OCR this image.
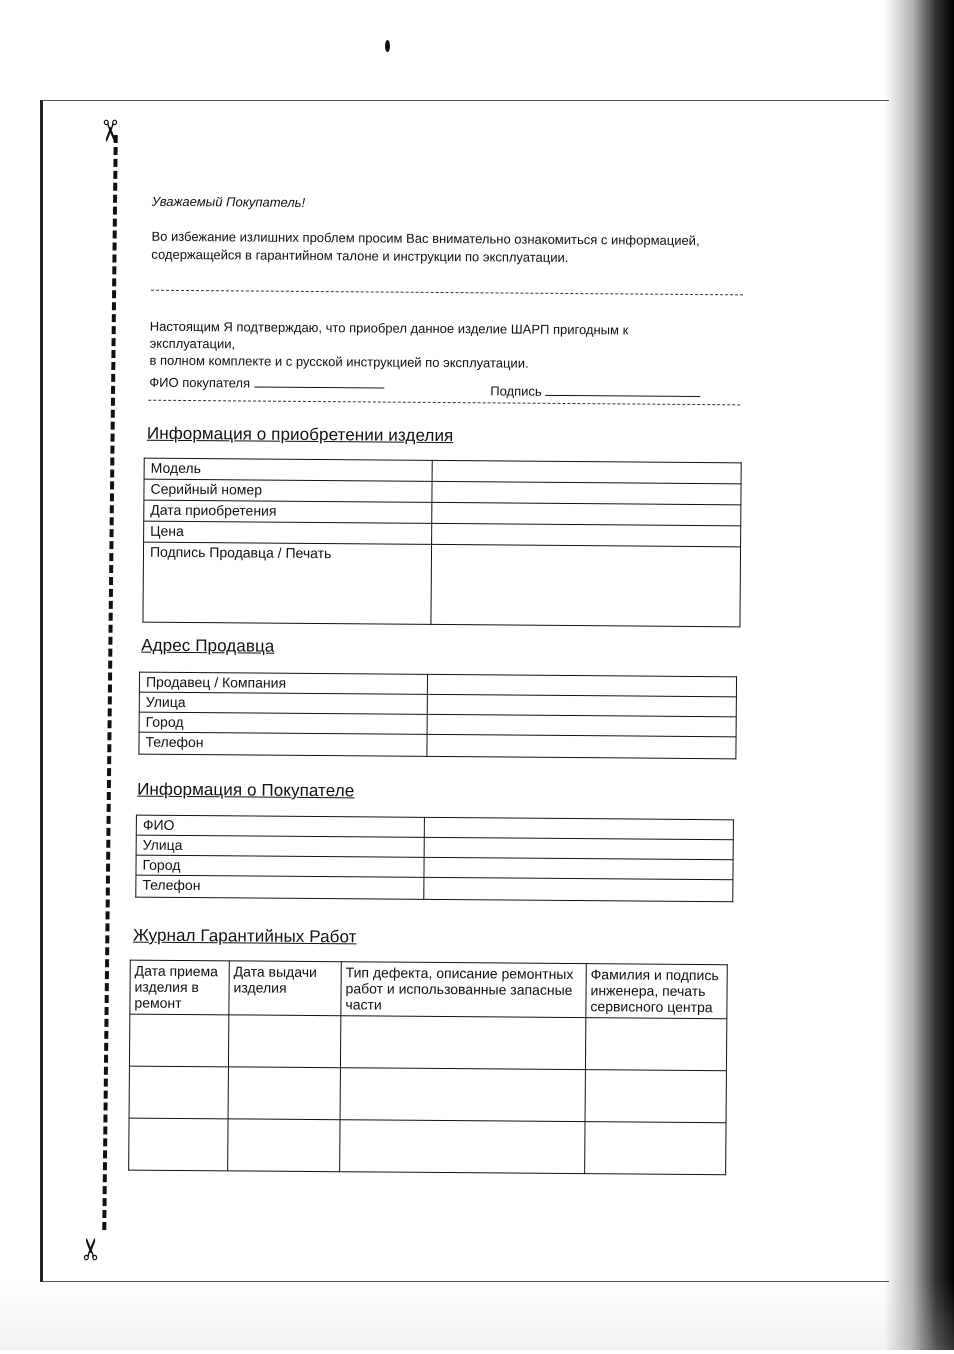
✂
✂
Уважаемый Покупатель!
Во избежание излишних проблем просим Вас внимательно ознакомиться с информацией, содержащейся в гарантийном талоне и инструкции по эксплуатации.
Настоящим Я подтверждаю, что приобрел данное изделие ШАРП пригодным к эксплуатации,
в полном комплекте и с русской инструкцией по эксплуатации.
ФИО покупателя
Подпись
Информация о приобретении изделия
Модель	
Серийный номер	
Дата приобретения	
Цена	
Подпись Продавца / Печать	
Адрес Продавца
Продавец / Компания	
Улица	
Город	
Телефон	
Информация о Покупателе
ФИО	
Улица	
Город	
Телефон	
Журнал Гарантийных Работ
Дата приема изделия в ремонт	Дата выдачи изделия	Тип дефекта, описание ремонтных работ и использованные запасные части	Фамилия и подпись инженера, печать сервисного центра
